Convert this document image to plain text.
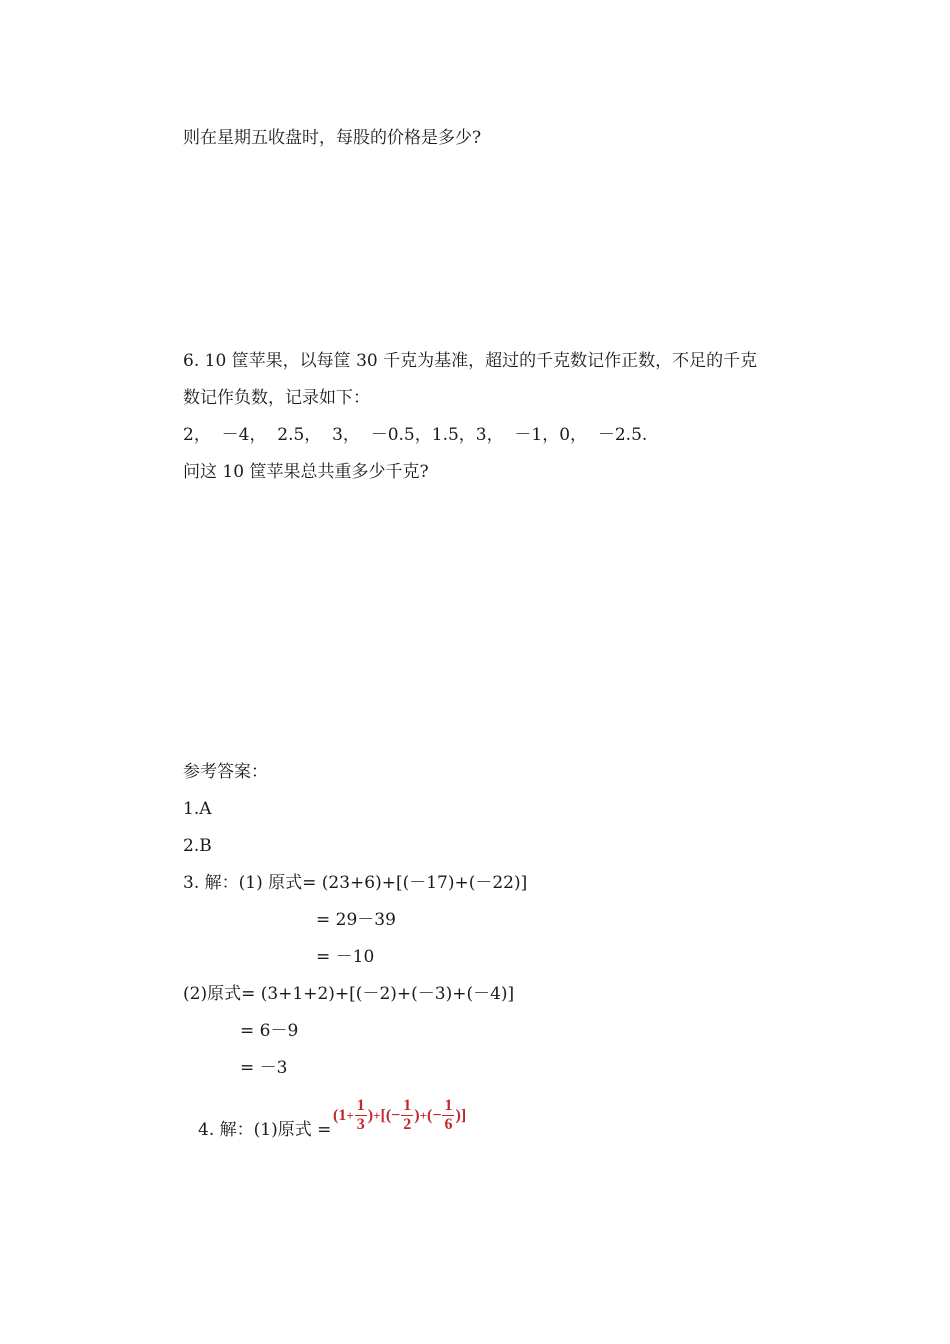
则在星期五收盘时，每股的价格是多少?
6. 10 筐苹果，以每筐 30 千克为基准，超过的千克数记作正数，不足的千克
数记作负数，记录如下：
2，  －4，  2.5，  3，  －0.5，1.5，3，  －1，0，  －2.5.
问这 10 筐苹果总共重多少千克?
参考答案：
1.A
2.B
3. 解：(1) 原式= (23+6)+[(－17)+(－22)]
= 29－39
= －10
(2)原式= (3+1+2)+[(－2)+(－3)+(－4)]
= 6－9
= －3
4. 解：(1)原式 =
($1 + \frac{1}{3}$ ) + [(− $\frac{1}{2}$ ) + (− $\frac{1}{6}$ )]
